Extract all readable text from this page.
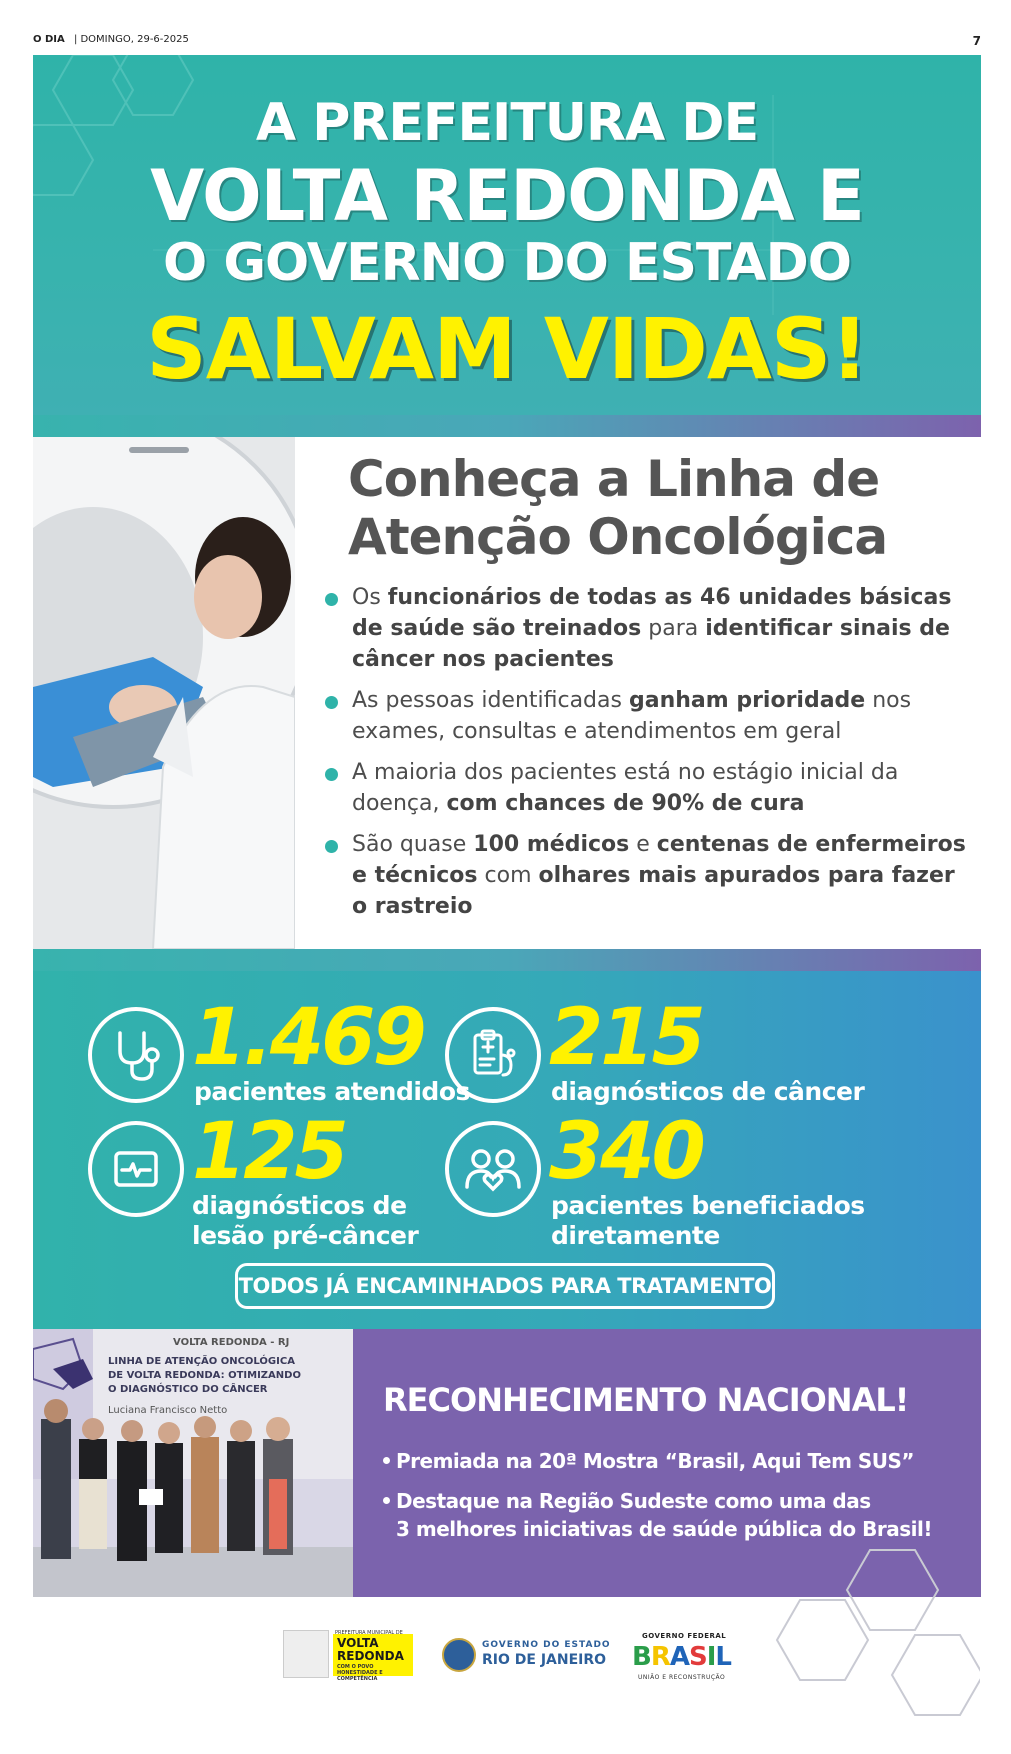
O DIA | DOMINGO, 29-6-2025	7
A PREFEITURA DE
VOLTA REDONDA E
O GOVERNO DO ESTADO
SALVAM VIDAS!
Conheça a Linha de
Atenção Oncológica
Os funcionários de todas as 46 unidades básicas de saúde são treinados para identificar sinais de câncer nos pacientes
As pessoas identificadas ganham prioridade nos exames, consultas e atendimentos em geral
A maioria dos pacientes está no estágio inicial da doença, com chances de 90% de cura
São quase 100 médicos e centenas de enfermeiros e técnicos com olhares mais apurados para fazer o rastreio
1.469
pacientes atendidos
215
diagnósticos de câncer
125
diagnósticos de
lesão pré-câncer
340
pacientes beneficiados
diretamente
TODOS JÁ ENCAMINHADOS PARA TRATAMENTO
VOLTA REDONDA - RJ
LINHA DE ATENÇÃO ONCOLÓGICA DE VOLTA REDONDA: OTIMIZANDO O DIAGNÓSTICO DO CÂNCER
Luciana Francisco Netto	RECONHECIMENTO NACIONAL!
Premiada na 20ª Mostra “Brasil, Aqui Tem SUS”
Destaque na Região Sudeste como uma das
3 melhores iniciativas de saúde pública do Brasil!
PREFEITURA MUNICIPAL DE
VOLTA
REDONDA
COM O POVO HONESTIDADE E COMPETÊNCIA
GOVERNO DO ESTADO
RIO DE JANEIRO
GOVERNO FEDERAL
BRASIL
UNIÃO E RECONSTRUÇÃO
